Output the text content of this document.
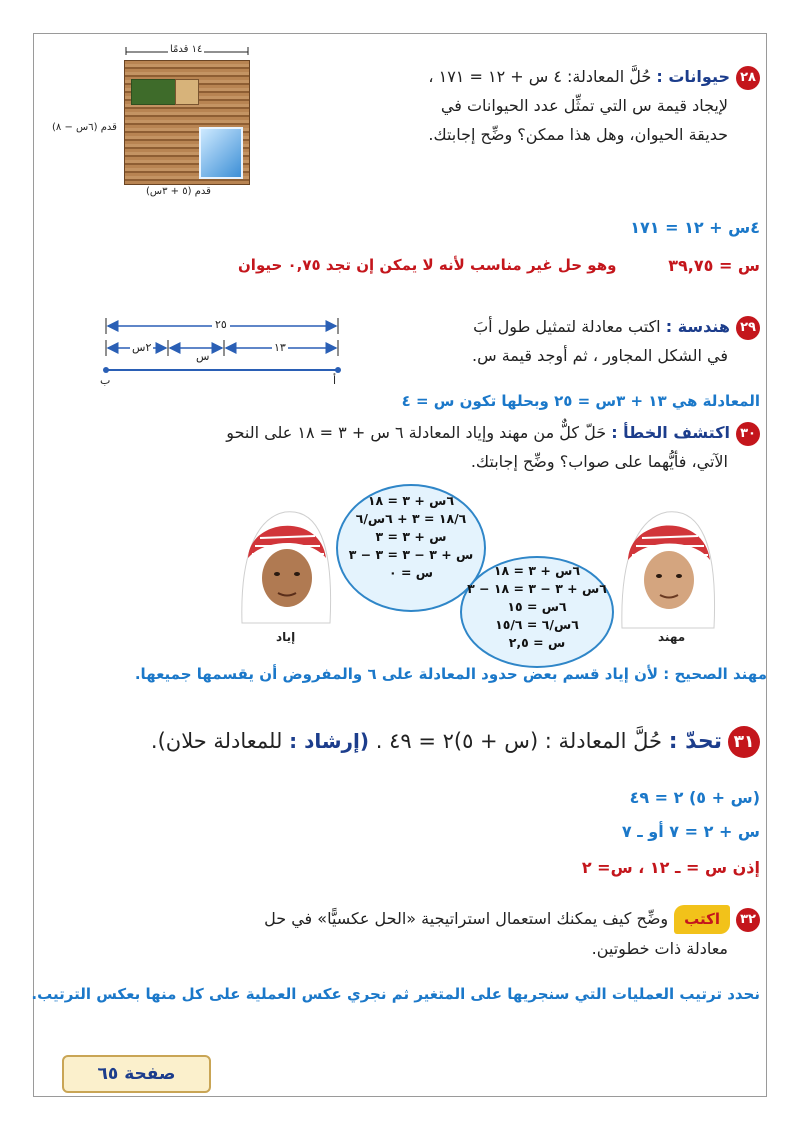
١٤ قدمًا
(٦س − ٨) قدم
(٥ + ٣س) قدم
٢٨حيوانات : حُلَّ المعادلة: ٤ س + ١٢ = ١٧١ ،
لإيجاد قيمة س التي تمثِّل عدد الحيوانات في
حديقة الحيوان، وهل هذا ممكن؟ وضِّح إجابتك.
٤س + ١٢ = ١٧١
س = ٣٩,٧٥
وهو حل غير مناسب لأنه لا يمكن إن تجد ٠,٧٥ حيوان
٢٥
٢س
س
١٣
ب	أ
٢٩هندسة : اكتب معادلة لتمثيل طول أبَ
في الشكل المجاور ، ثم أوجد قيمة س.
المعادلة هي ١٣ + ٣س = ٢٥ وبحلها تكون س = ٤
٣٠اكتشف الخطأ : حَلّ كلٌّ من مهند وإياد المعادلة ٦ س + ٣ = ١٨ على النحو
الآتي، فأيُّهما على صواب؟ وضِّح إجابتك.
إياد	مهند
٦س + ٣ = ١٨
١٨/٦ = ٣ + ٦س/٦
س + ٣ = ٣
س + ٣ − ٣ = ٣ − ٣
س = ٠	٦س + ٣ = ١٨
٦س + ٣ − ٣ = ١٨ − ٣
٦س = ١٥
٦س/٦ = ١٥/٦
س = ٢,٥
مهند الصحيح : لأن إياد قسم بعض حدود المعادلة على ٦ والمفروض أن يقسمها جميعها.
٣١تحدّ : حُلَّ المعادلة : (س + ٥)٢ = ٤٩ . (إرشاد : للمعادلة حلان).
(س + ٥) ٢ = ٤٩
س + ٢ = ٧ أو ـ ٧
إذن س = ـ ١٢ ، س= ٢
٣٢اكتبوضِّح كيف يمكنك استعمال استراتيجية «الحل عكسيًّا» في حل
معادلة ذات خطوتين.
نحدد ترتيب العمليات التي سنجريها على المتغير ثم نجري عكس العملية على كل منها بعكس الترتيب.
صفحة ٦٥
